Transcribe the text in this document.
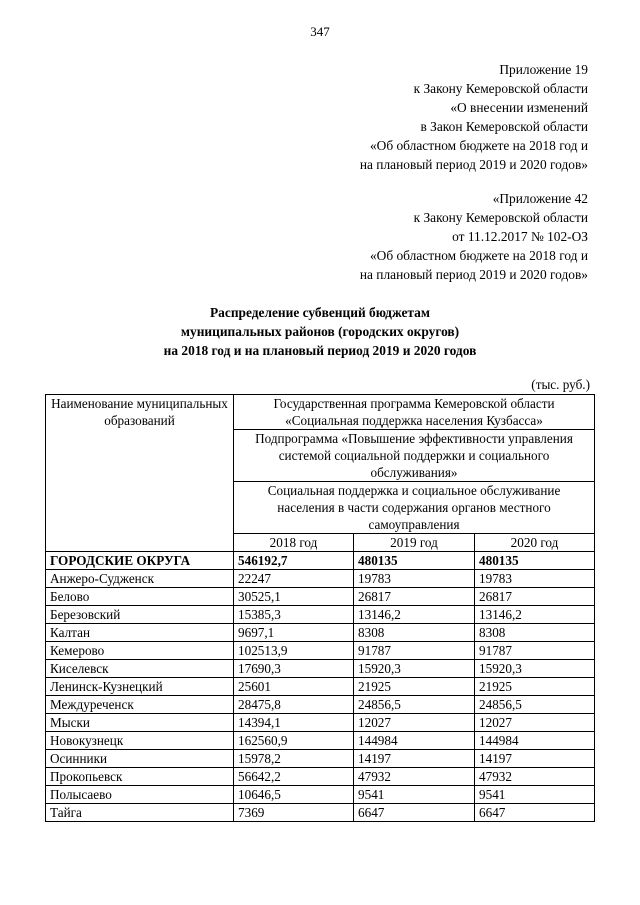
347
Приложение 19
к Закону Кемеровской области
«О внесении изменений
в Закон Кемеровской области
«Об областном бюджете на 2018 год и
на плановый период 2019 и 2020 годов»
«Приложение 42
к Закону Кемеровской области
от 11.12.2017 № 102-ОЗ
«Об областном бюджете на 2018 год и
на плановый период 2019 и 2020 годов»
Распределение субвенций бюджетам
муниципальных районов (городских округов)
на 2018 год и на плановый период 2019 и 2020 годов
(тыс. руб.)
Наименование муниципальных образований	Государственная программа Кемеровской области «Социальная поддержка населения Кузбасса»		
	Подпрограмма «Повышение эффективности управления системой социальной поддержки и социального обслуживания»		
	Социальная поддержка и социальное обслуживание населения в части содержания органов местного самоуправления		
	2018 год	2019 год	2020 год
ГОРОДСКИЕ ОКРУГА	546192,7	480135	480135
Анжеро-Судженск	22247	19783	19783
Белово	30525,1	26817	26817
Березовский	15385,3	13146,2	13146,2
Калтан	9697,1	8308	8308
Кемерово	102513,9	91787	91787
Киселевск	17690,3	15920,3	15920,3
Ленинск-Кузнецкий	25601	21925	21925
Междуреченск	28475,8	24856,5	24856,5
Мыски	14394,1	12027	12027
Новокузнецк	162560,9	144984	144984
Осинники	15978,2	14197	14197
Прокопьевск	56642,2	47932	47932
Полысаево	10646,5	9541	9541
Тайга	7369	6647	6647
